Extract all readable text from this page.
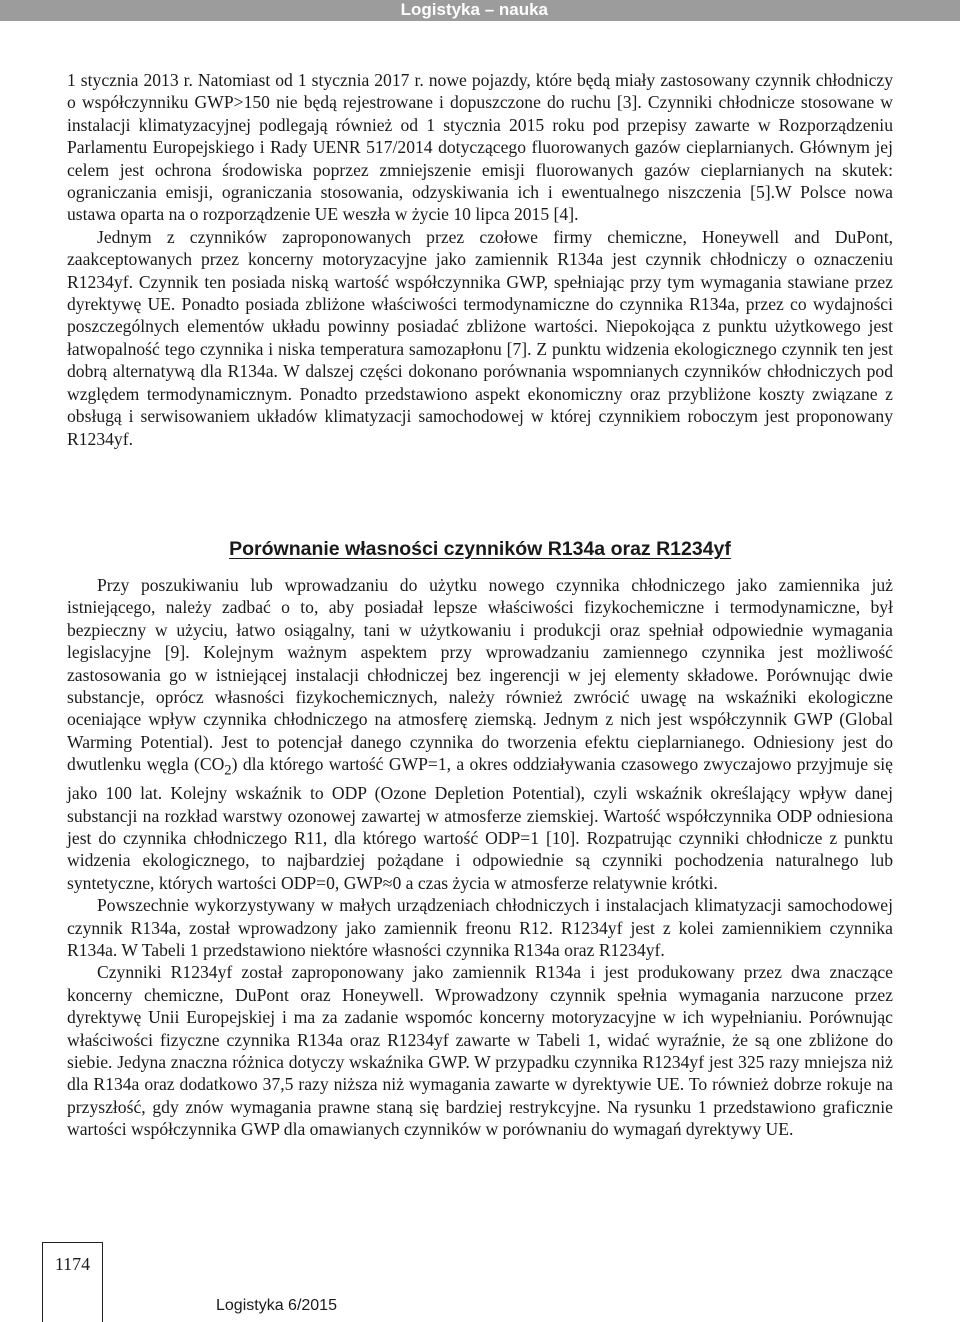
Logistyka – nauka

1 stycznia 2013 r. Natomiast od 1 stycznia 2017 r. nowe pojazdy, które będą miały zastosowany czynnik chłodniczy o współczynniku GWP>150 nie będą rejestrowane i dopuszczone do ruchu [3]. Czynniki chłodnicze stosowane w instalacji klimatyzacyjnej podlegają również od 1 stycznia 2015 roku pod przepisy zawarte w Rozporządzeniu Parlamentu Europejskiego i Rady UENR 517/2014 dotyczącego fluorowanych gazów cieplarnianych. Głównym jej celem jest ochrona środowiska poprzez zmniejszenie emisji fluorowanych gazów cieplarnianych na skutek: ograniczania emisji, ograniczania stosowania, odzyskiwania ich i ewentualnego niszczenia [5].W Polsce nowa ustawa oparta na o rozporządzenie UE weszła w życie 10 lipca 2015 [4].

Jednym z czynników zaproponowanych przez czołowe firmy chemiczne, Honeywell and DuPont, zaakceptowanych przez koncerny motoryzacyjne jako zamiennik R134a jest czynnik chłodniczy o oznaczeniu R1234yf. Czynnik ten posiada niską wartość współczynnika GWP, spełniając przy tym wymagania stawiane przez dyrektywę UE. Ponadto posiada zbliżone właściwości termodynamiczne do czynnika R134a, przez co wydajności poszczególnych elementów układu powinny posiadać zbliżone wartości. Niepokojąca z punktu użytkowego jest łatwopalność tego czynnika i niska temperatura samozapłonu [7]. Z punktu widzenia ekologicznego czynnik ten jest dobrą alternatywą dla R134a. W dalszej części dokonano porównania wspomnianych czynników chłodniczych pod względem termodynamicznym. Ponadto przedstawiono aspekt ekonomiczny oraz przybliżone koszty związane z obsługą i serwisowaniem układów klimatyzacji samochodowej w której czynnikiem roboczym jest proponowany R1234yf.

Porównanie własności czynników R134a oraz R1234yf

Przy poszukiwaniu lub wprowadzaniu do użytku nowego czynnika chłodniczego jako zamiennika już istniejącego, należy zadbać o to, aby posiadał lepsze właściwości fizykochemiczne i termodynamiczne, był bezpieczny w użyciu, łatwo osiągalny, tani w użytkowaniu i produkcji oraz spełniał odpowiednie wymagania legislacyjne [9]. Kolejnym ważnym aspektem przy wprowadzaniu zamiennego czynnika jest możliwość zastosowania go w istniejącej instalacji chłodniczej bez ingerencji w jej elementy składowe. Porównując dwie substancje, oprócz własności fizykochemicznych, należy również zwrócić uwagę na wskaźniki ekologiczne oceniające wpływ czynnika chłodniczego na atmosferę ziemską. Jednym z nich jest współczynnik GWP (Global Warming Potential). Jest to potencjał danego czynnika do tworzenia efektu cieplarnianego. Odniesiony jest do dwutlenku węgla $(CO_2)$ dla którego wartość GWP=1, a okres oddziaływania czasowego zwyczajowo przyjmuje się jako 100 lat. Kolejny wskaźnik to ODP (Ozone Depletion Potential), czyli wskaźnik określający wpływ danej substancji na rozkład warstwy ozonowej zawartej w atmosferze ziemskiej. Wartość współczynnika ODP odniesiona jest do czynnika chłodniczego R11, dla którego wartość ODP=1 [10]. Rozpatrując czynniki chłodnicze z punktu widzenia ekologicznego, to najbardziej pożądane i odpowiednie są czynniki pochodzenia naturalnego lub syntetyczne, których wartości ODP=0, GWP≈0 a czas życia w atmosferze relatywnie krótki.

Powszechnie wykorzystywany w małych urządzeniach chłodniczych i instalacjach klimatyzacji samochodowej czynnik R134a, został wprowadzony jako zamiennik freonu R12. R1234yf jest z kolei zamiennikiem czynnika R134a. W Tabeli 1 przedstawiono niektóre własności czynnika R134a oraz R1234yf.

Czynniki R1234yf został zaproponowany jako zamiennik R134a i jest produkowany przez dwa znaczące koncerny chemiczne, DuPont oraz Honeywell. Wprowadzony czynnik spełnia wymagania narzucone przez dyrektywę Unii Europejskiej i ma za zadanie wspomóc koncerny motoryzacyjne w ich wypełnianiu. Porównując właściwości fizyczne czynnika R134a oraz R1234yf zawarte w Tabeli 1, widać wyraźnie, że są one zbliżone do siebie. Jedyna znaczna różnica dotyczy wskaźnika GWP. W przypadku czynnika R1234yf jest 325 razy mniejsza niż dla R134a oraz dodatkowo 37,5 razy niższa niż wymagania zawarte w dyrektywie UE. To również dobrze rokuje na przyszłość, gdy znów wymagania prawne staną się bardziej restrykcyjne. Na rysunku 1 przedstawiono graficznie wartości współczynnika GWP dla omawianych czynników w porównaniu do wymagań dyrektywy UE.

1174
Logistyka 6/2015
